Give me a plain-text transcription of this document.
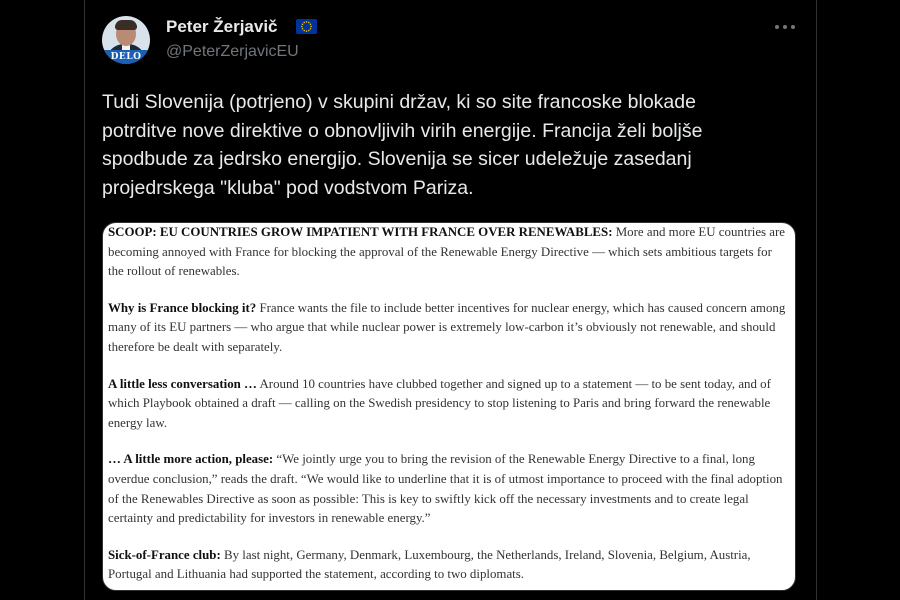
DELO
Peter Žerjavič
@PeterZerjavicEU

Tudi Slovenija (potrjeno) v skupini držav, ki so site francoske blokade
potrditve nove direktive o obnovljivih virih energije. Francija želi boljše
spodbude za jedrsko energijo. Slovenija se sicer udeležuje zasedanj
projedrskega "kluba" pod vodstvom Pariza.

SCOOP: EU COUNTRIES GROW IMPATIENT WITH FRANCE OVER RENEWABLES: More and more EU countries are becoming annoyed with France for blocking the approval of the Renewable Energy Directive — which sets ambitious targets for the rollout of renewables.

Why is France blocking it? France wants the file to include better incentives for nuclear energy, which has caused concern among many of its EU partners — who argue that while nuclear power is extremely low-carbon it’s obviously not renewable, and should therefore be dealt with separately.

A little less conversation … Around 10 countries have clubbed together and signed up to a statement — to be sent today, and of which Playbook obtained a draft — calling on the Swedish presidency to stop listening to Paris and bring forward the renewable energy law.

… A little more action, please: “We jointly urge you to bring the revision of the Renewable Energy Directive to a final, long overdue conclusion,” reads the draft. “We would like to underline that it is of utmost importance to proceed with the final adoption of the Renewables Directive as soon as possible: This is key to swiftly kick off the necessary investments and to create legal certainty and predictability for investors in renewable energy.”

Sick-of-France club: By last night, Germany, Denmark, Luxembourg, the Netherlands, Ireland, Slovenia, Belgium, Austria, Portugal and Lithuania had supported the statement, according to two diplomats.
